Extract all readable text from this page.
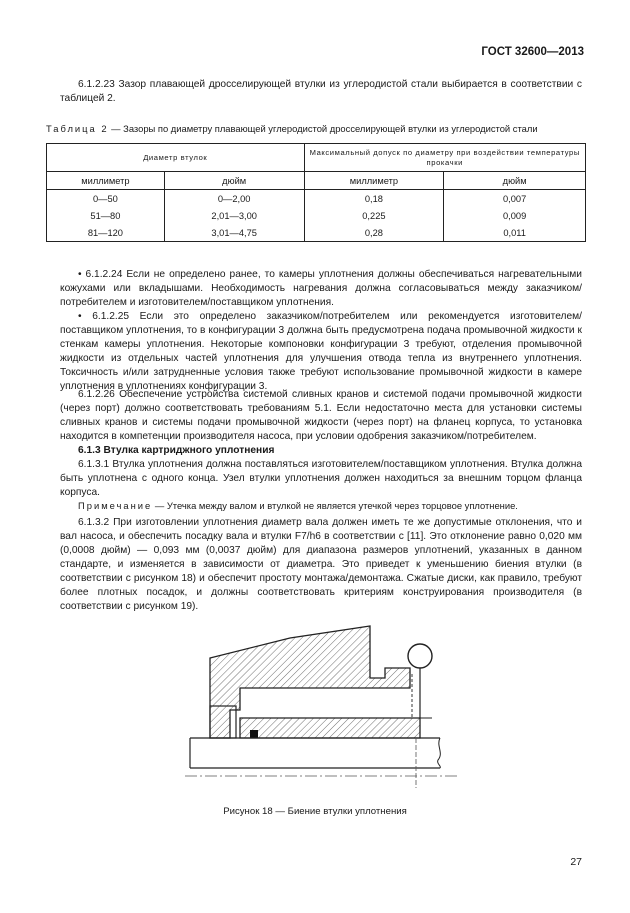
ГОСТ 32600—2013

6.1.2.23 Зазор плавающей дросселирующей втулки из углеродистой стали выбирается в соответствии с таблицей 2.

Таблица 2 — Зазоры по диаметру плавающей углеродистой дросселирующей втулки из углеродистой стали
Диаметр втулок		Максимальный допуск по диаметру при воздействии температуры прокачки	
миллиметр	дюйм	миллиметр	дюйм
0—50	0—2,00	0,18	0,007
51—80	2,01—3,00	0,225	0,009
81—120	3,01—4,75	0,28	0,011

• 6.1.2.24 Если не определено ранее, то камеры уплотнения должны обеспечиваться нагревательными кожухами или вкладышами. Необходимость нагревания должна согласовываться между заказчиком/потребителем и изготовителем/поставщиком уплотнения.

• 6.1.2.25 Если это определено заказчиком/потребителем или рекомендуется изготовителем/поставщиком уплотнения, то в конфигурации 3 должна быть предусмотрена подача промывочной жидкости к стенкам камеры уплотнения. Некоторые компоновки конфигурации 3 требуют, отделения промывочной жидкости из отдельных частей уплотнения для улучшения отвода тепла из внутреннего уплотнения. Токсичность и/или затрудненные условия также требуют использование промывочной жидкости в камере уплотнения в уплотнениях конфигурации 3.

6.1.2.26 Обеспечение устройства системой сливных кранов и системой подачи промывочной жидкости (через порт) должно соответствовать требованиям 5.1. Если недостаточно места для установки системы сливных кранов и системы подачи промывочной жидкости (через порт) на фланец корпуса, то установка находится в компетенции производителя насоса, при условии одобрения заказчиком/потребителем.

6.1.3 Втулка картриджного уплотнения

6.1.3.1 Втулка уплотнения должна поставляться изготовителем/поставщиком уплотнения. Втулка должна быть уплотнена с одного конца. Узел втулки уплотнения должен находиться за внешним торцом фланца корпуса.

Примечание — Утечка между валом и втулкой не является утечкой через торцовое уплотнение.

6.1.3.2 При изготовлении уплотнения диаметр вала должен иметь те же допустимые отклонения, что и вал насоса, и обеспечить посадку вала и втулки F7/h6 в соответствии с [11]. Это отклонение равно 0,020 мм (0,0008 дюйм) — 0,093 мм (0,0037 дюйм) для диапазона размеров уплотнений, указанных в данном стандарте, и изменяется в зависимости от диаметра. Это приведет к уменьшению биения втулки (в соответствии с рисунком 18) и обеспечит простоту монтажа/демонтажа. Сжатые диски, как правило, требуют более плотных посадок, и должны соответствовать критериям конструирования производителя (в соответствии с рисунком 19).

Рисунок 18 — Биение втулки уплотнения
27
